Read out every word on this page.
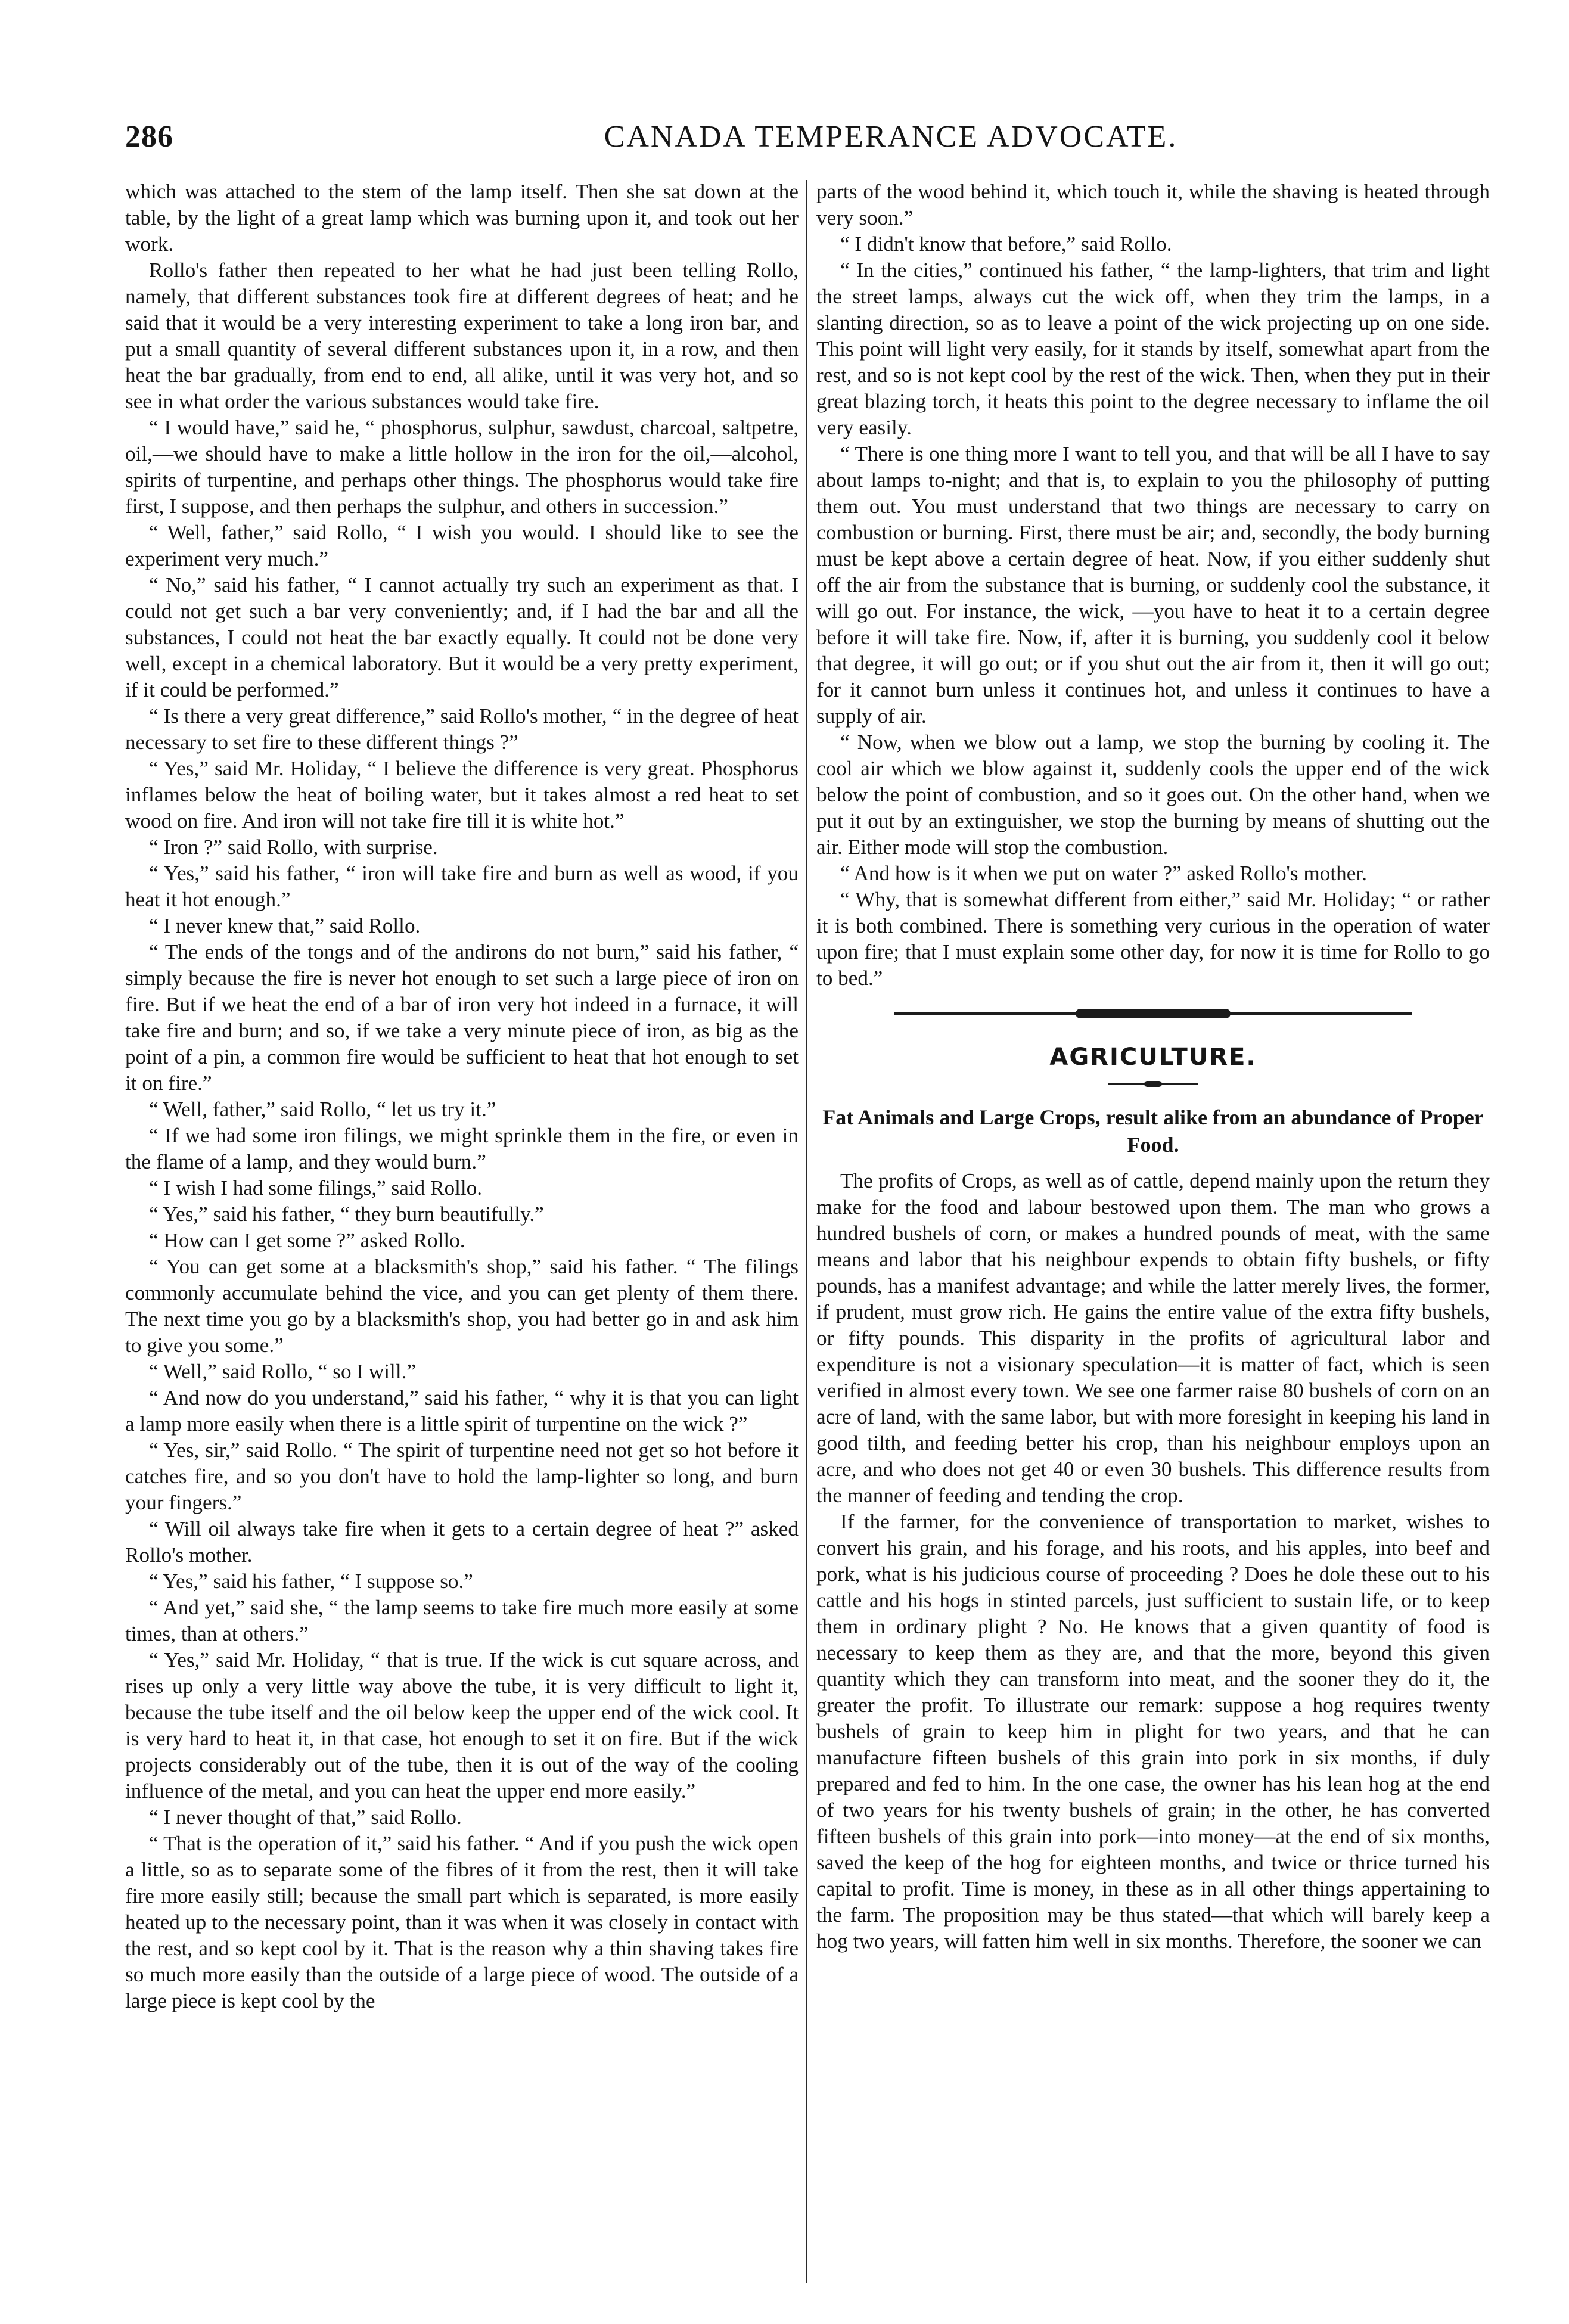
286	CANADA TEMPERANCE ADVOCATE.

which was attached to the stem of the lamp itself. Then she sat down at the table, by the light of a great lamp which was burning upon it, and took out her work.

Rollo's father then repeated to her what he had just been telling Rollo, namely, that different substances took fire at different degrees of heat; and he said that it would be a very interesting experiment to take a long iron bar, and put a small quantity of several different substances upon it, in a row, and then heat the bar gradually, from end to end, all alike, until it was very hot, and so see in what order the various substances would take fire.

“ I would have,” said he, “ phosphorus, sulphur, sawdust, charcoal, saltpetre, oil,—we should have to make a little hollow in the iron for the oil,—alcohol, spirits of turpentine, and perhaps other things. The phosphorus would take fire first, I suppose, and then perhaps the sulphur, and others in succession.”

“ Well, father,” said Rollo, “ I wish you would. I should like to see the experiment very much.”

“ No,” said his father, “ I cannot actually try such an experiment as that. I could not get such a bar very conveniently; and, if I had the bar and all the substances, I could not heat the bar exactly equally. It could not be done very well, except in a chemical laboratory. But it would be a very pretty experiment, if it could be performed.”

“ Is there a very great difference,” said Rollo's mother, “ in the degree of heat necessary to set fire to these different things ?”

“ Yes,” said Mr. Holiday, “ I believe the difference is very great. Phosphorus inflames below the heat of boiling water, but it takes almost a red heat to set wood on fire. And iron will not take fire till it is white hot.”

“ Iron ?” said Rollo, with surprise.

“ Yes,” said his father, “ iron will take fire and burn as well as wood, if you heat it hot enough.”

“ I never knew that,” said Rollo.

“ The ends of the tongs and of the andirons do not burn,” said his father, “ simply because the fire is never hot enough to set such a large piece of iron on fire. But if we heat the end of a bar of iron very hot indeed in a furnace, it will take fire and burn; and so, if we take a very minute piece of iron, as big as the point of a pin, a common fire would be sufficient to heat that hot enough to set it on fire.”

“ Well, father,” said Rollo, “ let us try it.”

“ If we had some iron filings, we might sprinkle them in the fire, or even in the flame of a lamp, and they would burn.”

“ I wish I had some filings,” said Rollo.

“ Yes,” said his father, “ they burn beautifully.”

“ How can I get some ?” asked Rollo.

“ You can get some at a blacksmith's shop,” said his father. “ The filings commonly accumulate behind the vice, and you can get plenty of them there. The next time you go by a blacksmith's shop, you had better go in and ask him to give you some.”

“ Well,” said Rollo, “ so I will.”

“ And now do you understand,” said his father, “ why it is that you can light a lamp more easily when there is a little spirit of turpentine on the wick ?”

“ Yes, sir,” said Rollo. “ The spirit of turpentine need not get so hot before it catches fire, and so you don't have to hold the lamp-lighter so long, and burn your fingers.”

“ Will oil always take fire when it gets to a certain degree of heat ?” asked Rollo's mother.

“ Yes,” said his father, “ I suppose so.”

“ And yet,” said she, “ the lamp seems to take fire much more easily at some times, than at others.”

“ Yes,” said Mr. Holiday, “ that is true. If the wick is cut square across, and rises up only a very little way above the tube, it is very difficult to light it, because the tube itself and the oil below keep the upper end of the wick cool. It is very hard to heat it, in that case, hot enough to set it on fire. But if the wick projects considerably out of the tube, then it is out of the way of the cooling influence of the metal, and you can heat the upper end more easily.”

“ I never thought of that,” said Rollo.

“ That is the operation of it,” said his father. “ And if you push the wick open a little, so as to separate some of the fibres of it from the rest, then it will take fire more easily still; because the small part which is separated, is more easily heated up to the necessary point, than it was when it was closely in contact with the rest, and so kept cool by it. That is the reason why a thin shaving takes fire so much more easily than the outside of a large piece of wood. The outside of a large piece is kept cool by the

parts of the wood behind it, which touch it, while the shaving is heated through very soon.”

“ I didn't know that before,” said Rollo.

“ In the cities,” continued his father, “ the lamp-lighters, that trim and light the street lamps, always cut the wick off, when they trim the lamps, in a slanting direction, so as to leave a point of the wick projecting up on one side. This point will light very easily, for it stands by itself, somewhat apart from the rest, and so is not kept cool by the rest of the wick. Then, when they put in their great blazing torch, it heats this point to the degree necessary to inflame the oil very easily.

“ There is one thing more I want to tell you, and that will be all I have to say about lamps to-night; and that is, to explain to you the philosophy of putting them out. You must understand that two things are necessary to carry on combustion or burning. First, there must be air; and, secondly, the body burning must be kept above a certain degree of heat. Now, if you either suddenly shut off the air from the substance that is burning, or suddenly cool the substance, it will go out. For instance, the wick, —you have to heat it to a certain degree before it will take fire. Now, if, after it is burning, you suddenly cool it below that degree, it will go out; or if you shut out the air from it, then it will go out; for it cannot burn unless it continues hot, and unless it continues to have a supply of air.

“ Now, when we blow out a lamp, we stop the burning by cooling it. The cool air which we blow against it, suddenly cools the upper end of the wick below the point of combustion, and so it goes out. On the other hand, when we put it out by an extinguisher, we stop the burning by means of shutting out the air. Either mode will stop the combustion.

“ And how is it when we put on water ?” asked Rollo's mother.

“ Why, that is somewhat different from either,” said Mr. Holiday; “ or rather it is both combined. There is something very curious in the operation of water upon fire; that I must explain some other day, for now it is time for Rollo to go to bed.”

AGRICULTURE.
Fat Animals and Large Crops, result alike from an abundance of Proper Food.

The profits of Crops, as well as of cattle, depend mainly upon the return they make for the food and labour bestowed upon them. The man who grows a hundred bushels of corn, or makes a hundred pounds of meat, with the same means and labor that his neighbour expends to obtain fifty bushels, or fifty pounds, has a manifest advantage; and while the latter merely lives, the former, if prudent, must grow rich. He gains the entire value of the extra fifty bushels, or fifty pounds. This disparity in the profits of agricultural labor and expenditure is not a visionary speculation—it is matter of fact, which is seen verified in almost every town. We see one farmer raise 80 bushels of corn on an acre of land, with the same labor, but with more foresight in keeping his land in good tilth, and feeding better his crop, than his neighbour employs upon an acre, and who does not get 40 or even 30 bushels. This difference results from the manner of feeding and tending the crop.

If the farmer, for the convenience of transportation to market, wishes to convert his grain, and his forage, and his roots, and his apples, into beef and pork, what is his judicious course of proceeding ? Does he dole these out to his cattle and his hogs in stinted parcels, just sufficient to sustain life, or to keep them in ordinary plight ? No. He knows that a given quantity of food is necessary to keep them as they are, and that the more, beyond this given quantity which they can transform into meat, and the sooner they do it, the greater the profit. To illustrate our remark: suppose a hog requires twenty bushels of grain to keep him in plight for two years, and that he can manufacture fifteen bushels of this grain into pork in six months, if duly prepared and fed to him. In the one case, the owner has his lean hog at the end of two years for his twenty bushels of grain; in the other, he has converted fifteen bushels of this grain into pork—into money—at the end of six months, saved the keep of the hog for eighteen months, and twice or thrice turned his capital to profit. Time is money, in these as in all other things appertaining to the farm. The proposition may be thus stated—that which will barely keep a hog two years, will fatten him well in six months. Therefore, the sooner we can
